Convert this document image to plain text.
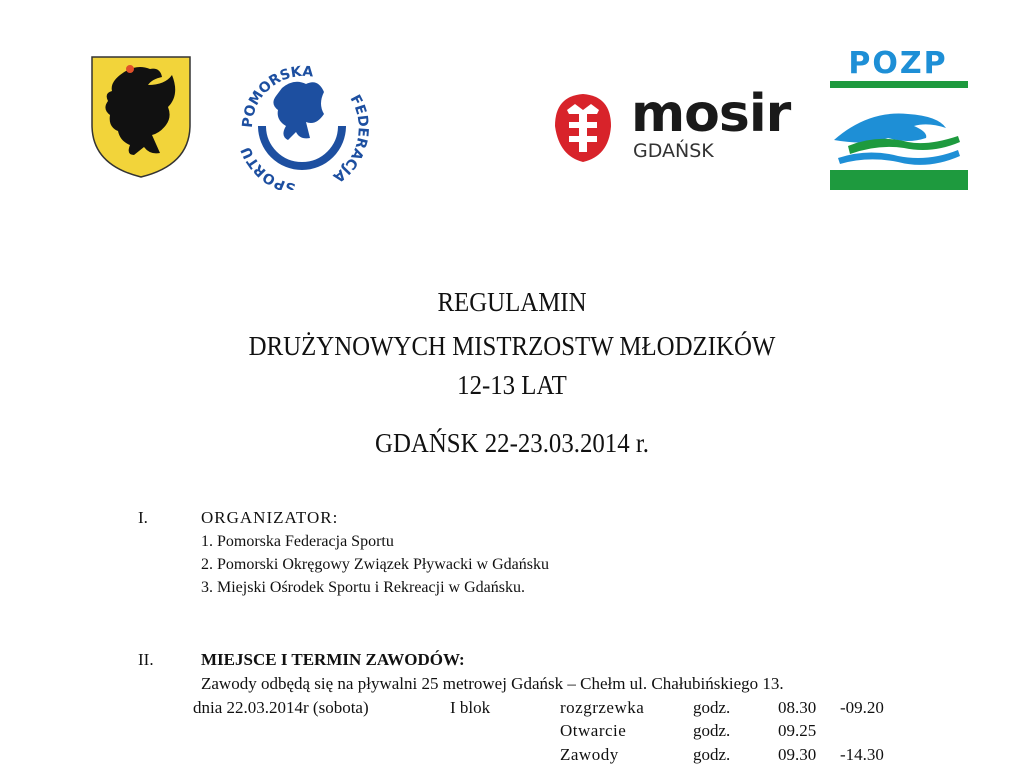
POMORSKA
FEDERACJA
SPORTU
mosir
GDAŃSK
POZP
REGULAMIN
DRUŻYNOWYCH MISTRZOSTW MŁODZIKÓW
12-13 LAT
GDAŃSK 22-23.03.2014 r.
I.	ORGANIZATOR:
1. Pomorska Federacja Sportu
2. Pomorski Okręgowy Związek Pływacki w Gdańsku
3. Miejski Ośrodek Sportu i Rekreacji w Gdańsku.
II.	MIEJSCE I TERMIN ZAWODÓW:
Zawody odbędą się na pływalni 25 metrowej Gdańsk – Chełm ul. Chałubińskiego 13.
dnia 22.03.2014r (sobota)	I blok	rozgrzewka	godz.	08.30 -09.20
Otwarcie	godz.	09.25
Zawody	godz.	09.30 -14.30
